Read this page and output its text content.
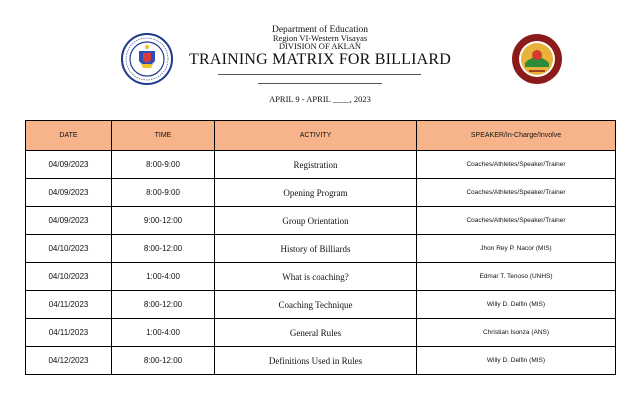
Department of Education
Region VI-Western Visayas
DIVISION OF AKLAN
TRAINING MATRIX FOR BILLIARD
APRIL 9 - APRIL ____, 2023
DATE	TIME	ACTIVITY	SPEAKER/In-Charge/Involve
04/09/2023	8:00-9:00	Registration	Coaches/Athletes/Speaker/Trainer
04/09/2023	8:00-9:00	Opening Program	Coaches/Athletes/Speaker/Trainer
04/09/2023	9:00-12:00	Group Orientation	Coaches/Athletes/Speaker/Trainer
04/10/2023	8:00-12:00	History of Billiards	Jhon Rey P. Nacor (MIS)
04/10/2023	1:00-4:00	What is coaching?	Edmar T. Tenoso (UNHS)
04/11/2023	8:00-12:00	Coaching Technique	Willy D. Delfin (MIS)
04/11/2023	1:00-4:00	General Rules	Christian Isonza (ANS)
04/12/2023	8:00-12:00	Definitions Used in Rules	Willy D. Delfin (MIS)
